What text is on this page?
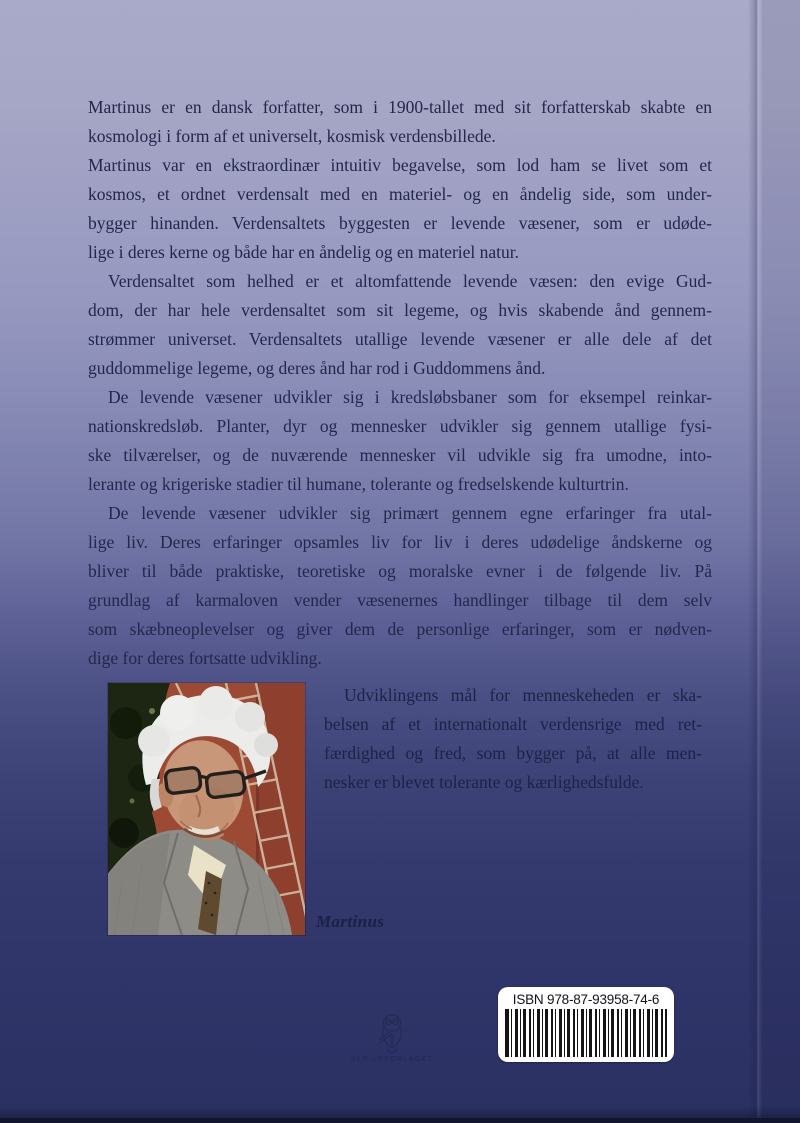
Martinus er en dansk forfatter, som i 1900-tallet med sit forfatterskab skabte en
kosmologi i form af et universelt, kosmisk verdensbillede.
Martinus var en ekstraordinær intuitiv begavelse, som lod ham se livet som et
kosmos, et ordnet verdensalt med en materiel- og en åndelig side, som under-
bygger hinanden. Verdensaltets byggesten er levende væsener, som er udøde-
lige i deres kerne og både har en åndelig og en materiel natur.
Verdensaltet som helhed er et altomfattende levende væsen: den evige Gud-
dom, der har hele verdensaltet som sit legeme, og hvis skabende ånd gennem-
strømmer universet. Verdensaltets utallige levende væsener er alle dele af det
guddommelige legeme, og deres ånd har rod i Guddommens ånd.
De levende væsener udvikler sig i kredsløbsbaner som for eksempel reinkar-
nationskredsløb. Planter, dyr og mennesker udvikler sig gennem utallige fysi-
ske tilværelser, og de nuværende mennesker vil udvikle sig fra umodne, into-
lerante og krigeriske stadier til humane, tolerante og fredselskende kulturtrin.
De levende væsener udvikler sig primært gennem egne erfaringer fra utal-
lige liv. Deres erfaringer opsamles liv for liv i deres udødelige åndskerne og
bliver til både praktiske, teoretiske og moralske evner i de følgende liv. På
grundlag af karmaloven vender væsenernes handlinger tilbage til dem selv
som skæbneoplevelser og giver dem de personlige erfaringer, som er nødven-
dige for deres fortsatte udvikling.
Udviklingens mål for menneskeheden er ska-
belsen af et internationalt verdensrige med ret-
færdighed og fred, som bygger på, at alle men-
nesker er blevet tolerante og kærlighedsfulde.
Martinus
SKRIVEFORLAGET
ISBN 978-87-93958-74-6
